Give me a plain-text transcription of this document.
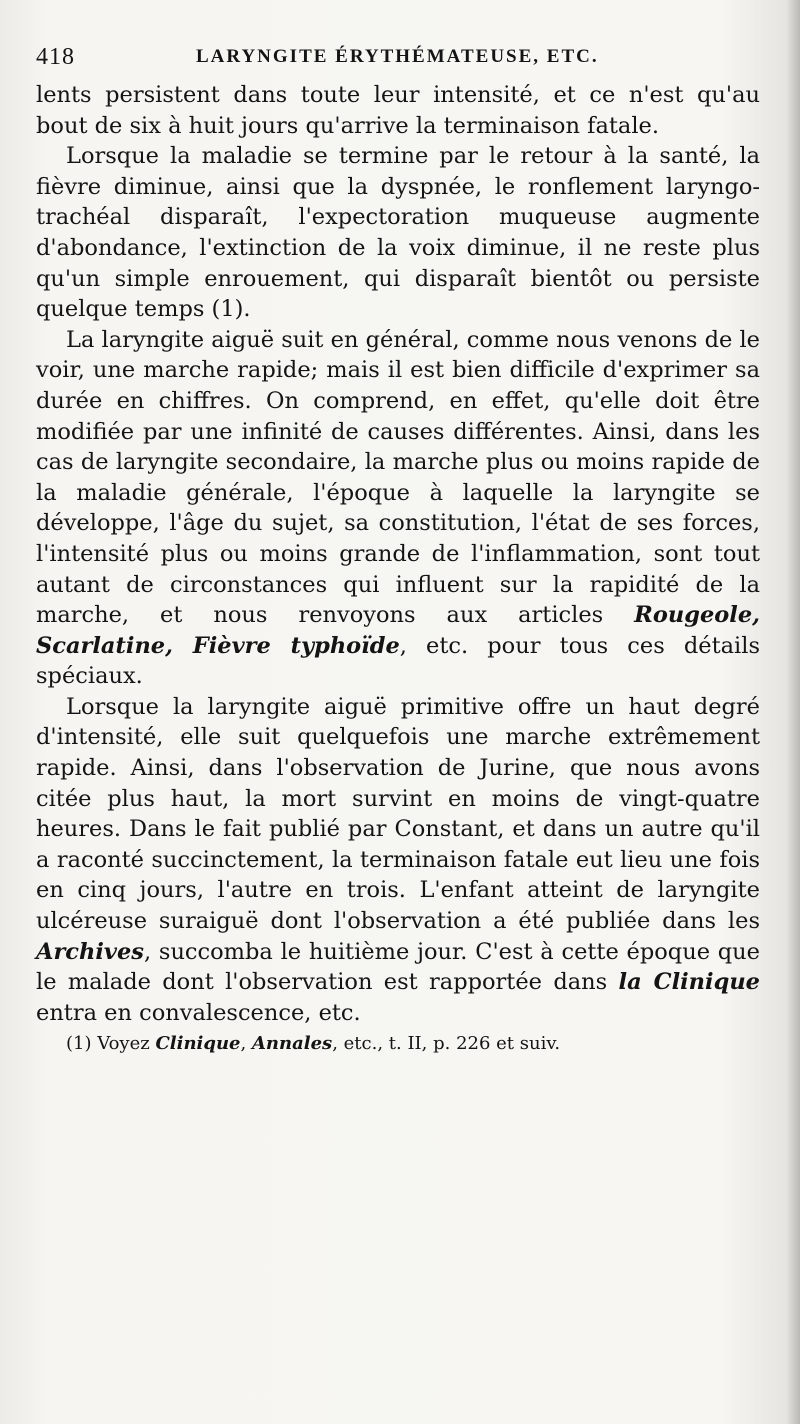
418	LARYNGITE ÉRYTHÉMATEUSE, ETC.

lents persistent dans toute leur intensité, et ce n'est qu'au bout de six à huit jours qu'arrive la terminaison fatale.

Lorsque la maladie se termine par le retour à la santé, la fièvre diminue, ainsi que la dyspnée, le ronflement laryngo-trachéal disparaît, l'expectoration muqueuse augmente d'abondance, l'extinction de la voix diminue, il ne reste plus qu'un simple enrouement, qui disparaît bientôt ou persiste quelque temps (1).

La laryngite aiguë suit en général, comme nous venons de le voir, une marche rapide; mais il est bien difficile d'exprimer sa durée en chiffres. On comprend, en effet, qu'elle doit être modifiée par une infinité de causes différentes. Ainsi, dans les cas de laryngite secondaire, la marche plus ou moins rapide de la maladie générale, l'époque à laquelle la laryngite se développe, l'âge du sujet, sa constitution, l'état de ses forces, l'intensité plus ou moins grande de l'inflammation, sont tout autant de circonstances qui influent sur la rapidité de la marche, et nous renvoyons aux articles Rougeole, Scarlatine, Fièvre typhoïde, etc. pour tous ces détails spéciaux.

Lorsque la laryngite aiguë primitive offre un haut degré d'intensité, elle suit quelquefois une marche extrêmement rapide. Ainsi, dans l'observation de Jurine, que nous avons citée plus haut, la mort survint en moins de vingt-quatre heures. Dans le fait publié par Constant, et dans un autre qu'il a raconté succinctement, la terminaison fatale eut lieu une fois en cinq jours, l'autre en trois. L'enfant atteint de laryngite ulcéreuse suraiguë dont l'observation a été publiée dans les Archives, succomba le huitième jour. C'est à cette époque que le malade dont l'observation est rapportée dans la Clinique entra en convalescence, etc.

(1) Voyez Clinique, Annales, etc., t. II, p. 226 et suiv.
